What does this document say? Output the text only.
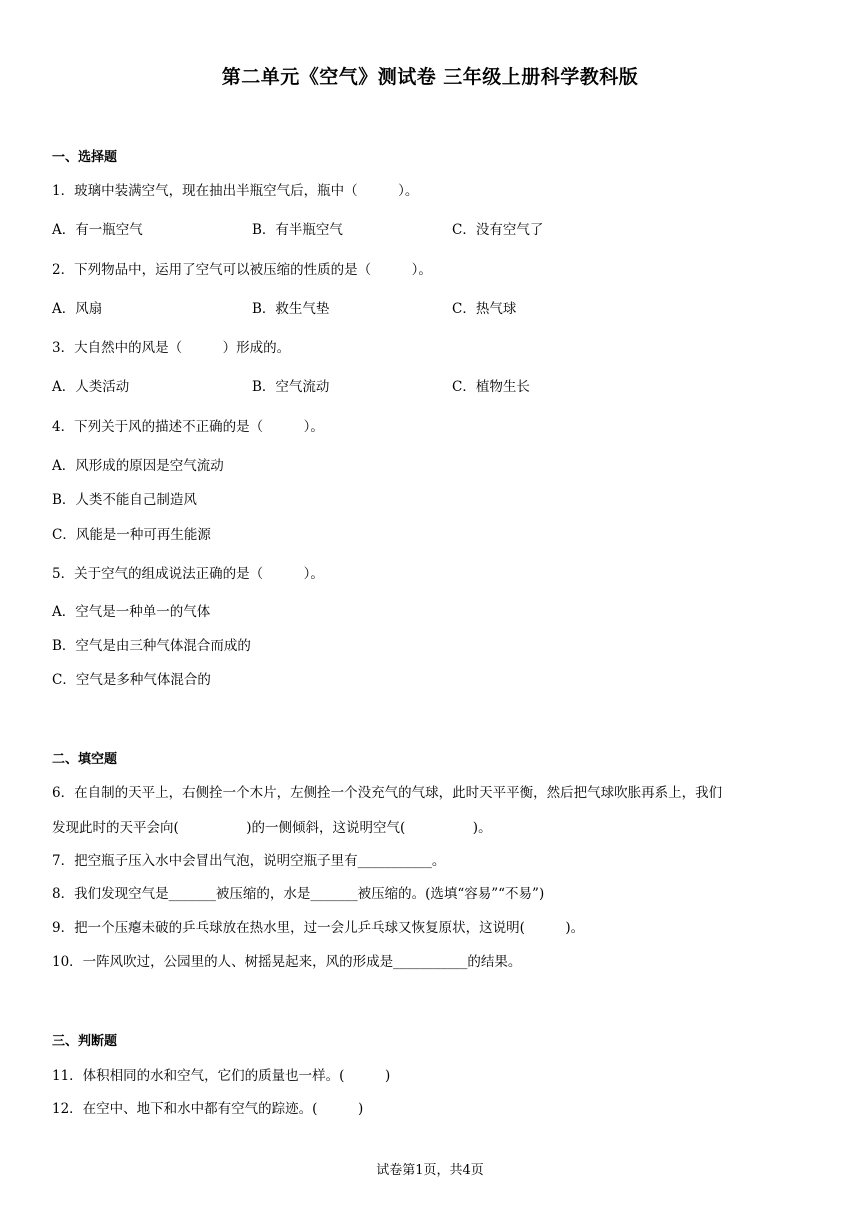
第二单元《空气》测试卷 三年级上册科学教科版
一、选择题
1．玻璃中装满空气，现在抽出半瓶空气后，瓶中（　　　）。
A．有一瓶空气	B．有半瓶空气	C．没有空气了
2．下列物品中，运用了空气可以被压缩的性质的是（　　　）。
A．风扇	B．救生气垫	C．热气球
3．大自然中的风是（　　　）形成的。
A．人类活动	B．空气流动	C．植物生长
4．下列关于风的描述不正确的是（　　　）。
A．风形成的原因是空气流动
B．人类不能自己制造风
C．风能是一种可再生能源
5．关于空气的组成说法正确的是（　　　）。
A．空气是一种单一的气体
B．空气是由三种气体混合而成的
C．空气是多种气体混合的
二、填空题
6．在自制的天平上，右侧拴一个木片，左侧拴一个没充气的气球，此时天平平衡，然后把气球吹胀再系上，我们
发现此时的天平会向(　　　　　)的一侧倾斜，这说明空气(　　　　　)。
7．把空瓶子压入水中会冒出气泡，说明空瓶子里有___________。
8．我们发现空气是_______被压缩的，水是_______被压缩的。(选填“容易”“不易”)
9．把一个压瘪未破的乒乓球放在热水里，过一会儿乒乓球又恢复原状，这说明(　　　)。
10．一阵风吹过，公园里的人、树摇晃起来，风的形成是___________的结果。
三、判断题
11．体积相同的水和空气，它们的质量也一样。(　　　)
12．在空中、地下和水中都有空气的踪迹。(　　　)
试卷第1页，共4页
